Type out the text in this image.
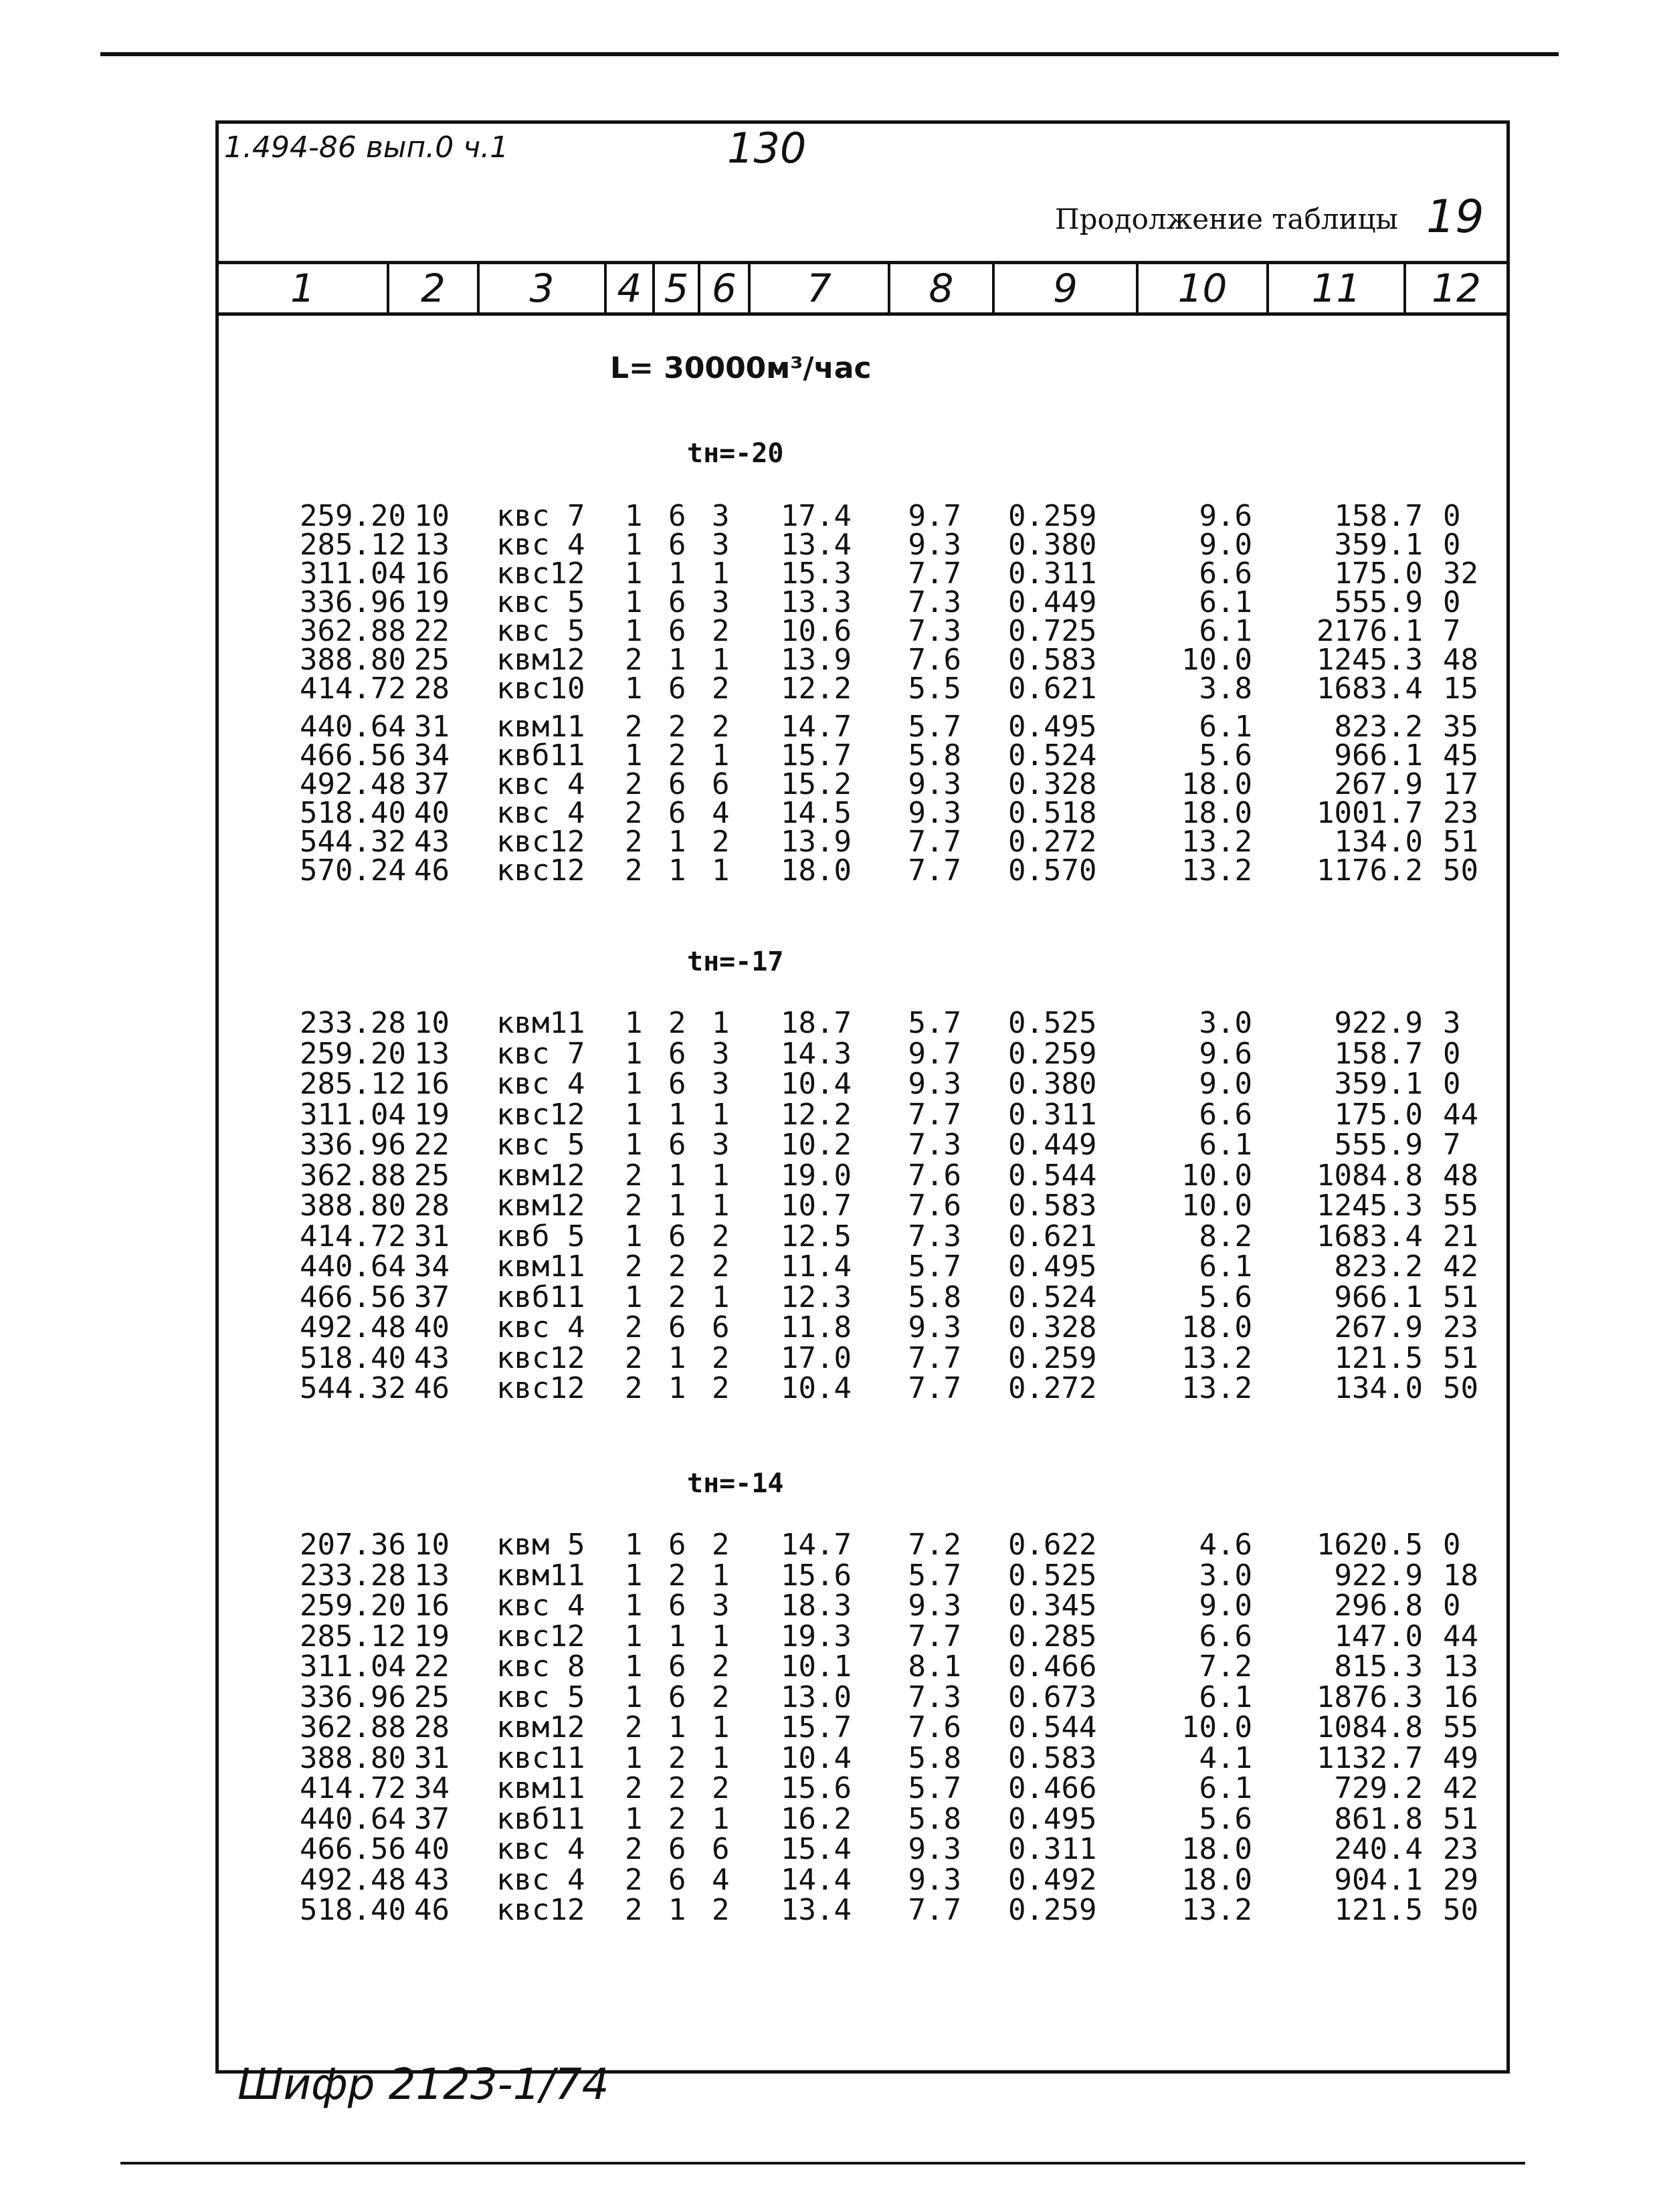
1.494-86 вып.0 ч.1	130
Продолжение таблицы 19
1	2	3	4 5 6	7	8	9	10	11	12
L= 30000м³/час
tн=-20
259.20 10	квс 7	1 6 3	17.4	9.7 0.259	9.6	158.7 0
285.12 13	квс 4	1 6 3	13.4	9.3 0.380	9.0	359.1 0
311.04 16	квс12	1 1 1	15.3	7.7 0.311	6.6	175.0 32
336.96 19	квс 5	1 6 3	13.3	7.3 0.449	6.1	555.9 0
362.88 22	квс 5	1 6 2	10.6	7.3 0.725	6.1	2176.1 7
388.80 25	квм12	2 1 1	13.9	7.6 0.583	10.0	1245.3 48
414.72 28	квс10	1 6 2	12.2	5.5 0.621	3.8	1683.4 15
440.64 31	квм11	2 2 2	14.7	5.7 0.495	6.1	823.2 35
466.56 34	квб11	1 2 1	15.7	5.8 0.524	5.6	966.1 45
492.48 37	квс 4	2 6 6	15.2	9.3 0.328	18.0	267.9 17
518.40 40	квс 4	2 6 4	14.5	9.3 0.518	18.0	1001.7 23
544.32 43	квс12	2 1 2	13.9	7.7 0.272	13.2	134.0 51
570.24 46	квс12	2 1 1	18.0	7.7 0.570	13.2	1176.2 50
tн=-17
233.28 10	квм11	1 2 1	18.7	5.7 0.525	3.0	922.9 3
259.20 13	квс 7	1 6 3	14.3	9.7 0.259	9.6	158.7 0
285.12 16	квс 4	1 6 3	10.4	9.3 0.380	9.0	359.1 0
311.04 19	квс12	1 1 1	12.2	7.7 0.311	6.6	175.0 44
336.96 22	квс 5	1 6 3	10.2	7.3 0.449	6.1	555.9 7
362.88 25	квм12	2 1 1	19.0	7.6 0.544	10.0	1084.8 48
388.80 28	квм12	2 1 1	10.7	7.6 0.583	10.0	1245.3 55
414.72 31	квб 5	1 6 2	12.5	7.3 0.621	8.2	1683.4 21
440.64 34	квм11	2 2 2	11.4	5.7 0.495	6.1	823.2 42
466.56 37	квб11	1 2 1	12.3	5.8 0.524	5.6	966.1 51
492.48 40	квс 4	2 6 6	11.8	9.3 0.328	18.0	267.9 23
518.40 43	квс12	2 1 2	17.0	7.7 0.259	13.2	121.5 51
544.32 46	квс12	2 1 2	10.4	7.7 0.272	13.2	134.0 50
tн=-14
207.36 10	квм 5	1 6 2	14.7	7.2 0.622	4.6	1620.5 0
233.28 13	квм11	1 2 1	15.6	5.7 0.525	3.0	922.9 18
259.20 16	квс 4	1 6 3	18.3	9.3 0.345	9.0	296.8 0
285.12 19	квс12	1 1 1	19.3	7.7 0.285	6.6	147.0 44
311.04 22	квс 8	1 6 2	10.1	8.1 0.466	7.2	815.3 13
336.96 25	квс 5	1 6 2	13.0	7.3 0.673	6.1	1876.3 16
362.88 28	квм12	2 1 1	15.7	7.6 0.544	10.0	1084.8 55
388.80 31	квс11	1 2 1	10.4	5.8 0.583	4.1	1132.7 49
414.72 34	квм11	2 2 2	15.6	5.7 0.466	6.1	729.2 42
440.64 37	квб11	1 2 1	16.2	5.8 0.495	5.6	861.8 51
466.56 40	квс 4	2 6 6	15.4	9.3 0.311	18.0	240.4 23
492.48 43	квс 4	2 6 4	14.4	9.3 0.492	18.0	904.1 29
518.40 46	квс12	2 1 2	13.4	7.7 0.259	13.2	121.5 50
Шифр 2123-1/74
